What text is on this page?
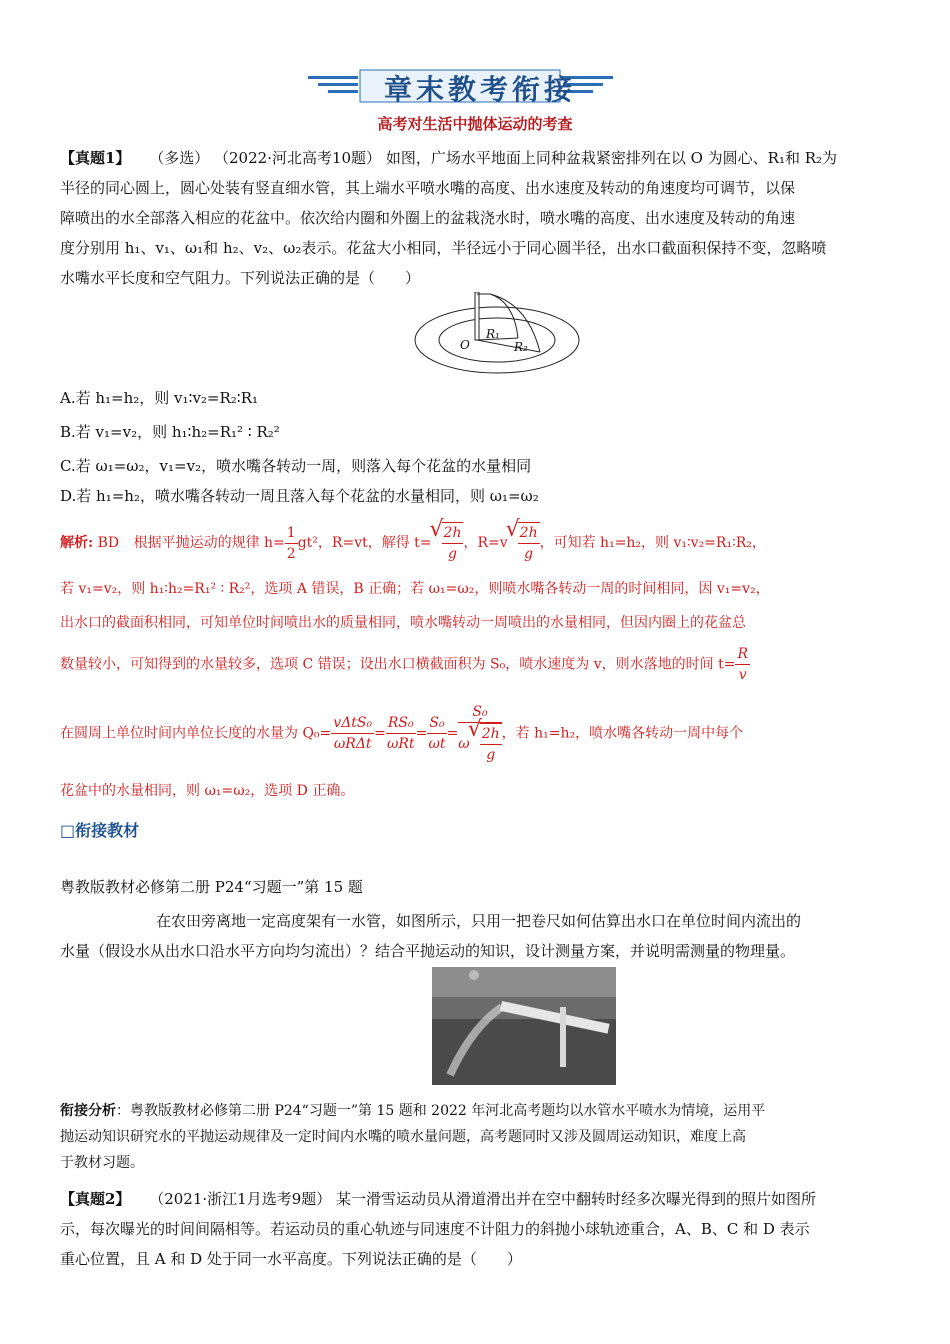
章末教考衔接
高考对生活中抛体运动的考查
【真题1】 （多选） （2022·河北高考10题） 如图，广场水平地面上同种盆栽紧密排列在以 O 为圆心、R₁和 R₂为
半径的同心圆上，圆心处装有竖直细水管，其上端水平喷水嘴的高度、出水速度及转动的角速度均可调节，以保
障喷出的水全部落入相应的花盆中。依次给内圈和外圈上的盆栽浇水时，喷水嘴的高度、出水速度及转动的角速
度分别用 h₁、v₁、ω₁和 h₂、v₂、ω₂表示。花盆大小相同，半径远小于同心圆半径，出水口截面积保持不变，忽略喷
水嘴水平长度和空气阻力。下列说法正确的是（　　）
O
R₁
R₂
A.若 h₁=h₂，则 v₁∶v₂=R₂∶R₁
B.若 v₁=v₂，则 h₁∶h₂=R₁² ∶ R₂²
C.若 ω₁=ω₂，v₁=v₂，喷水嘴各转动一周，则落入每个花盆的水量相同
D.若 h₁=h₂，喷水嘴各转动一周且落入每个花盆的水量相同，则 ω₁=ω₂
解析: BD 根据平抛运动的规律 $h= \frac{1}{2} gt^2$，R=vt，解得 t=
√ $\frac{2h}{g}$ ，R=v
√ $\frac{2h}{g}$ ，可知若 h₁=h₂，则 v₁∶v₂=R₁∶R₂，
若 v₁=v₂，则 h₁∶h₂=R₁² ∶ R₂²，选项 A 错误，B 正确；若 ω₁=ω₂，则喷水嘴各转动一周的时间相同，因 v₁=v₂，
出水口的截面积相同，可知单位时间喷出水的质量相同，喷水嘴转动一周喷出的水量相同，但因内圈上的花盆总
数量较小，可知得到的水量较多，选项 C 错误；设出水口横截面积为 S₀，喷水速度为 v，则水落地的时间 $t= \frac{R}{v}$
在圆周上单位时间内单位长度的水量为 $Q_0= \frac{\text{vΔtS₀}}{\text{ωRΔt}} = \frac{\text{RS₀}}{\text{ωRt}} = \frac{\text{S₀}}{\omega t} = S_0$
ω
√ $\frac{2h}{g}$ ，若 h₁=h₂，喷水嘴各转动一周中每个
花盆中的水量相同，则 ω₁=ω₂，选项 D 正确。
□衔接教材
粤教版教材必修第二册 P24“习题一”第 15 题
在农田旁离地一定高度架有一水管，如图所示，只用一把卷尺如何估算出水口在单位时间内流出的
水量（假设水从出水口沿水平方向均匀流出）？结合平抛运动的知识，设计测量方案，并说明需测量的物理量。
衔接分析：粤教版教材必修第二册 P24“习题一”第 15 题和 2022 年河北高考题均以水管水平喷水为情境，运用平
抛运动知识研究水的平抛运动规律及一定时间内水嘴的喷水量问题，高考题同时又涉及圆周运动知识，难度上高
于教材习题。
【真题2】 （2021·浙江1月选考9题） 某一滑雪运动员从滑道滑出并在空中翻转时经多次曝光得到的照片如图所
示，每次曝光的时间间隔相等。若运动员的重心轨迹与同速度不计阻力的斜抛小球轨迹重合，A、B、C 和 D 表示
重心位置，且 A 和 D 处于同一水平高度。下列说法正确的是（　　）
